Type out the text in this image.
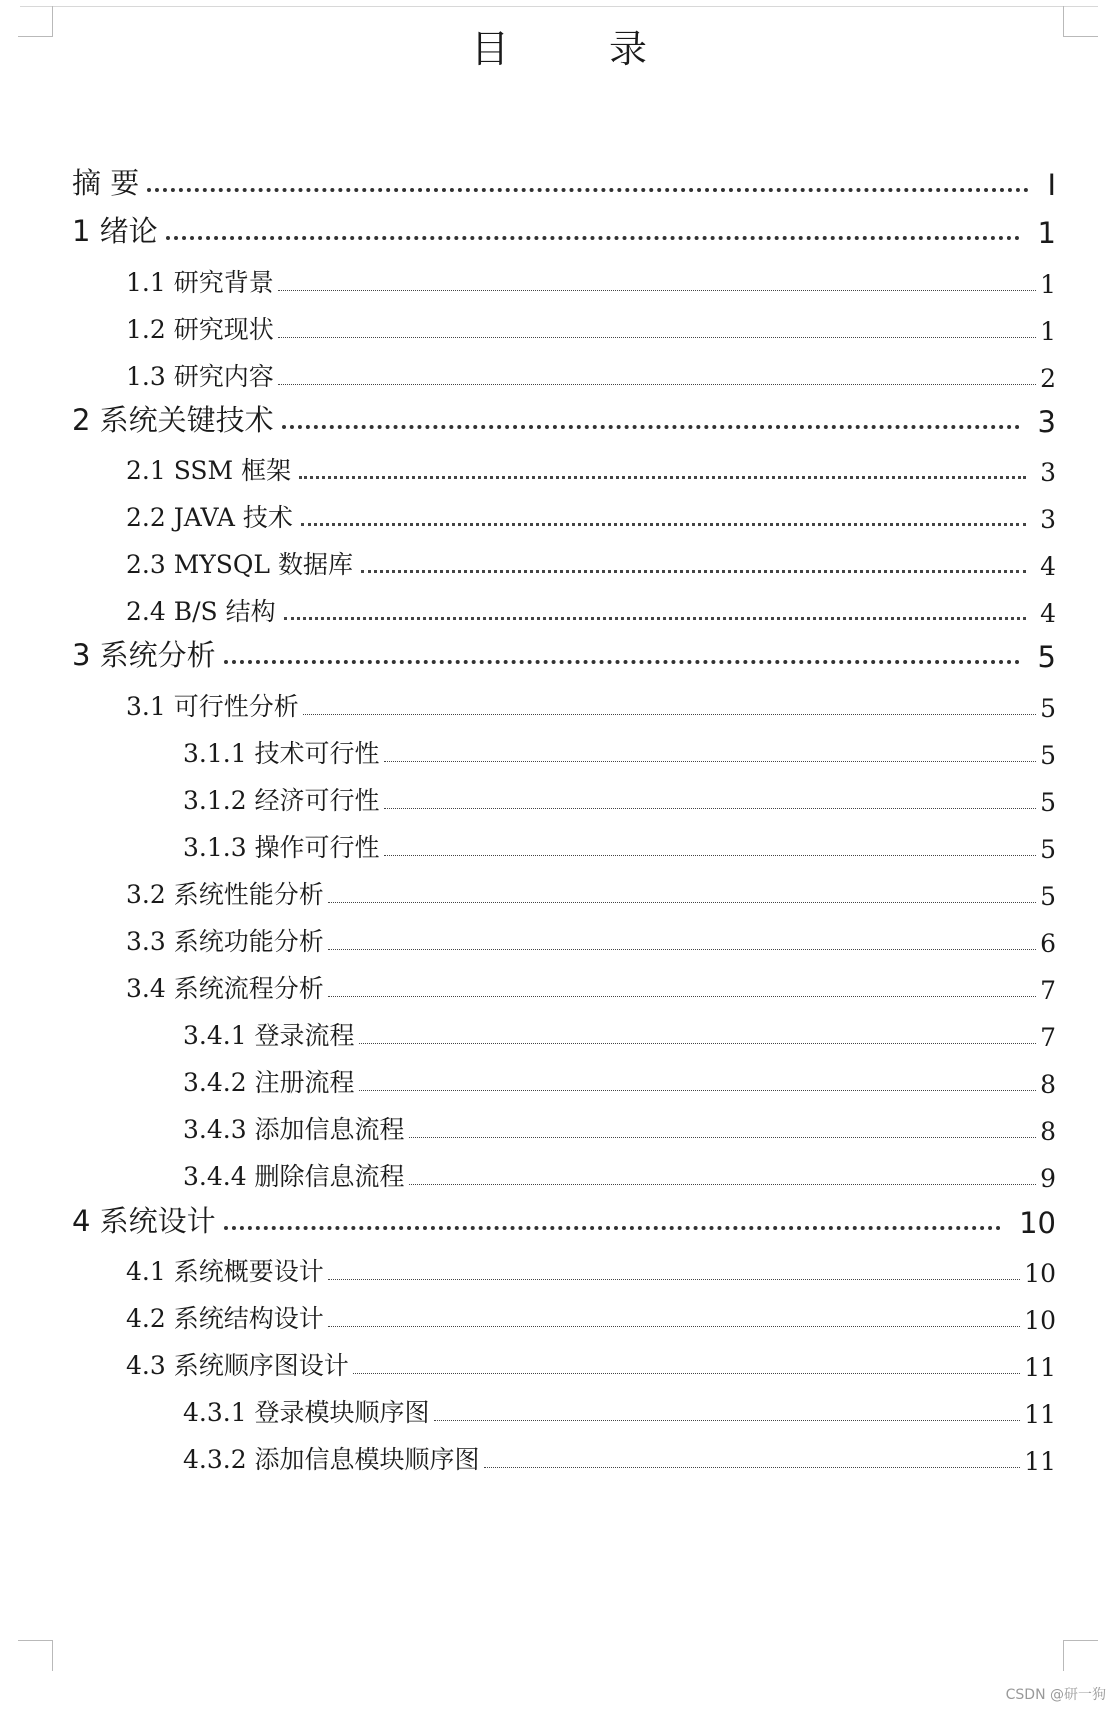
目 录
摘 要	I
1 绪论	1
1.1 研究背景	1
1.2 研究现状	1
1.3 研究内容	2
2 系统关键技术	3
2.1 SSM 框架	3
2.2 JAVA 技术	3
2.3 MYSQL 数据库	4
2.4 B/S 结构	4
3 系统分析	5
3.1 可行性分析	5
3.1.1 技术可行性	5
3.1.2 经济可行性	5
3.1.3 操作可行性	5
3.2 系统性能分析	5
3.3 系统功能分析	6
3.4 系统流程分析	7
3.4.1 登录流程	7
3.4.2 注册流程	8
3.4.3 添加信息流程	8
3.4.4 删除信息流程	9
4 系统设计	10
4.1 系统概要设计	10
4.2 系统结构设计	10
4.3 系统顺序图设计	11
4.3.1 登录模块顺序图	11
4.3.2 添加信息模块顺序图	11
CSDN @研一狗
